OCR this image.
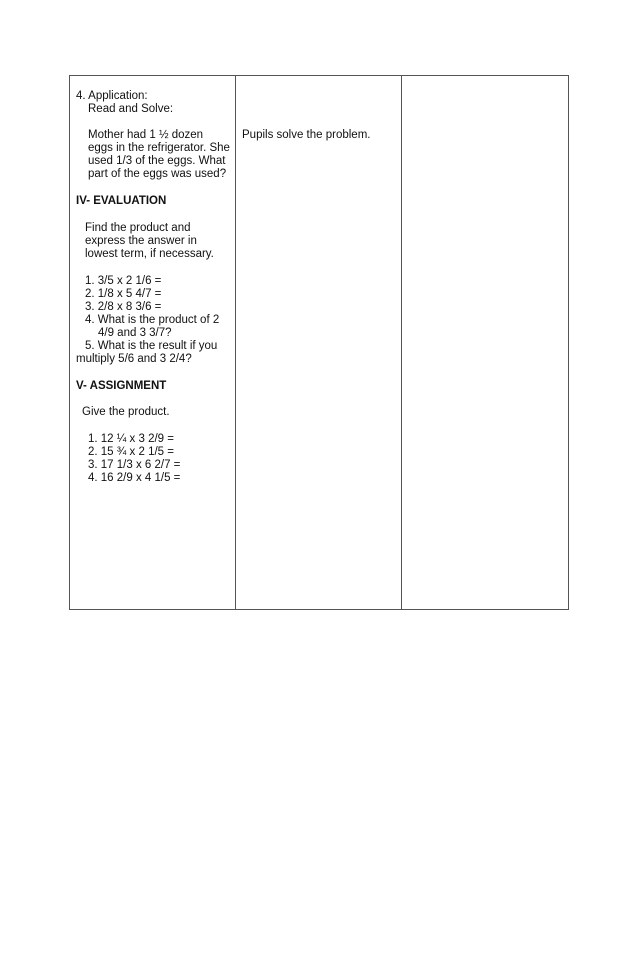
4. Application:
Read and Solve:
Mother had 1 ½ dozen
eggs in the refrigerator. She
used 1/3 of the eggs. What
part of the eggs was used?
IV- EVALUATION
Find the product and
express the answer in
lowest term, if necessary.
1. 3/5 x 2 1/6 =
2. 1/8 x 5 4/7 =
3. 2/8 x 8 3/6 =
4. What is the product of 2
4/9 and 3 3/7?
5. What is the result if you
multiply 5/6 and 3 2/4?
V- ASSIGNMENT
Give the product.
1. 12 ¼ x 3 2/9 =
2. 15 ¾ x 2 1/5 =
3. 17 1/3 x 6 2/7 =
4. 16 2/9 x 4 1/5 =
Pupils solve the problem.
